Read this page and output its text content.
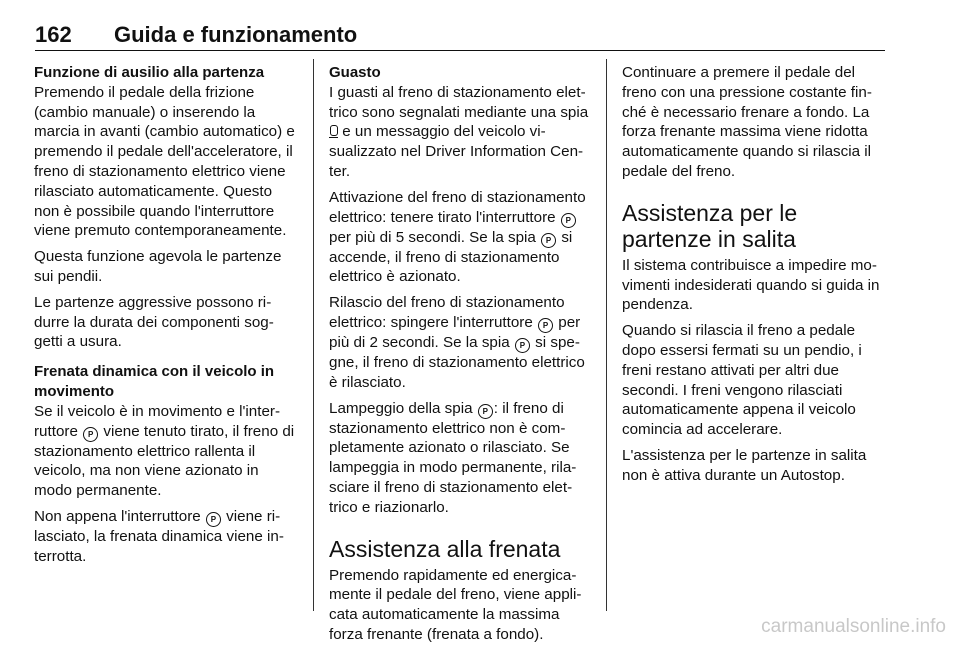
162 Guida e funzionamento
Funzione di ausilio alla partenza

Premendo il pedale della frizione (cambio manuale) o inserendo la marcia in avanti (cambio automatico) e premendo il pedale dell'acceleratore, il freno di stazionamento elettrico viene rilasciato automaticamente. Questo non è possibile quando l'interruttore viene premuto contemporaneamente.

Questa funzione agevola le partenze sui pendii.

Le partenze aggressive possono ridurre la durata dei componenti soggetti a usura.

Frenata dinamica con il veicolo in movimento

Se il veicolo è in movimento e l'interruttore P viene tenuto tirato, il freno di stazionamento elettrico rallenta il veicolo, ma non viene azionato in modo permanente.

Non appena l'interruttore P viene rilasciato, la frenata dinamica viene interrotta.

Guasto

I guasti al freno di stazionamento elettrico sono segnalati mediante una spia  e un messaggio del veicolo visualizzato nel Driver Information Center.

Attivazione del freno di stazionamento elettrico: tenere tirato l'interruttore P per più di 5 secondi. Se la spia P si accende, il freno di stazionamento elettrico è azionato.

Rilascio del freno di stazionamento elettrico: spingere l'interruttore P per più di 2 secondi. Se la spia P si spegne, il freno di stazionamento elettrico è rilasciato.

Lampeggio della spia P : il freno di stazionamento elettrico non è completamente azionato o rilasciato. Se lampeggia in modo permanente, rilasciare il freno di stazionamento elettrico e riazionarlo.

Assistenza alla frenata

Premendo rapidamente ed energicamente il pedale del freno, viene applicata automaticamente la massima forza frenante (frenata a fondo).

Continuare a premere il pedale del freno con una pressione costante finché è necessario frenare a fondo. La forza frenante massima viene ridotta automaticamente quando si rilascia il pedale del freno.

Assistenza per le partenze in salita

Il sistema contribuisce a impedire movimenti indesiderati quando si guida in pendenza.

Quando si rilascia il freno a pedale dopo essersi fermati su un pendio, i freni restano attivati per altri due secondi. I freni vengono rilasciati automaticamente appena il veicolo comincia ad accelerare.

L'assistenza per le partenze in salita non è attiva durante un Autostop.

carmanualsonline.info
